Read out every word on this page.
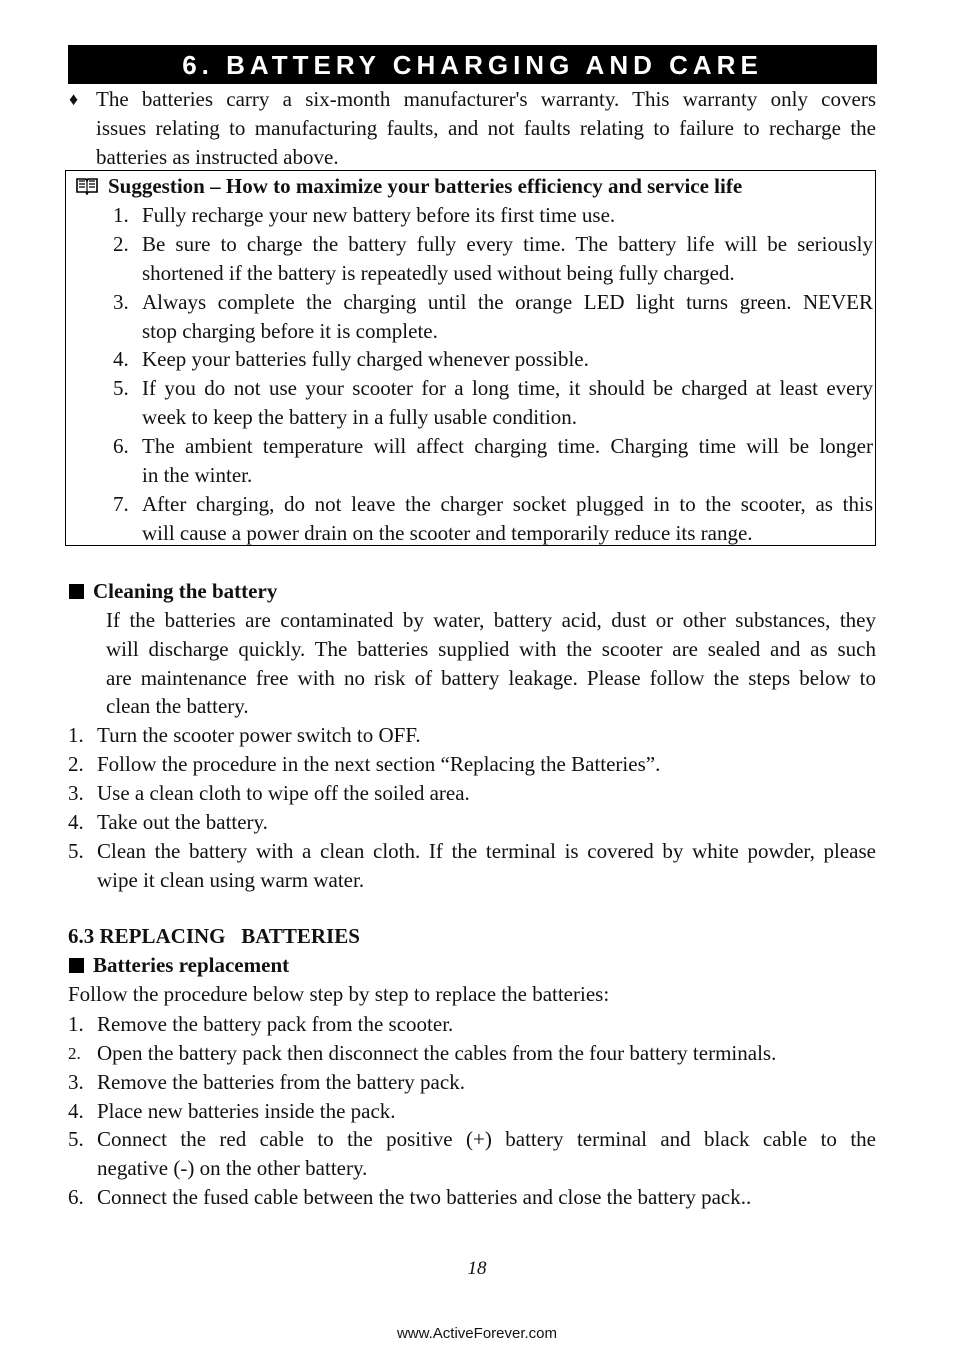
6. BATTERY CHARGING AND CARE
♦ The batteries carry a six-month manufacturer's warranty. This warranty only covers
issues relating to manufacturing faults, and not faults relating to failure to recharge the
batteries as instructed above.
Suggestion – How to maximize your batteries efficiency and service life
1. Fully recharge your new battery before its first time use.
2. Be sure to charge the battery fully every time. The battery life will be seriously
shortened if the battery is repeatedly used without being fully charged.
3. Always complete the charging until the orange LED light turns green. NEVER
stop charging before it is complete.
4. Keep your batteries fully charged whenever possible.
5. If you do not use your scooter for a long time, it should be charged at least every
week to keep the battery in a fully usable condition.
6. The ambient temperature will affect charging time. Charging time will be longer
in the winter.
7. After charging, do not leave the charger socket plugged in to the scooter, as this
will cause a power drain on the scooter and temporarily reduce its range.
Cleaning the battery
If the batteries are contaminated by water, battery acid, dust or other substances, they
will discharge quickly. The batteries supplied with the scooter are sealed and as such
are maintenance free with no risk of battery leakage. Please follow the steps below to
clean the battery.
1. Turn the scooter power switch to OFF.
2. Follow the procedure in the next section “Replacing the Batteries”.
3. Use a clean cloth to wipe off the soiled area.
4. Take out the battery.
5. Clean the battery with a clean cloth. If the terminal is covered by white powder, please
wipe it clean using warm water.
6.3 REPLACING   BATTERIES
Batteries replacement
Follow the procedure below step by step to replace the batteries:
1. Remove the battery pack from the scooter.
2. Open the battery pack then disconnect the cables from the four battery terminals.
3. Remove the batteries from the battery pack.
4. Place new batteries inside the pack.
5. Connect the red cable to the positive (+) battery terminal and black cable to the
negative (-) on the other battery.
6. Connect the fused cable between the two batteries and close the battery pack..
18
www.ActiveForever.com
